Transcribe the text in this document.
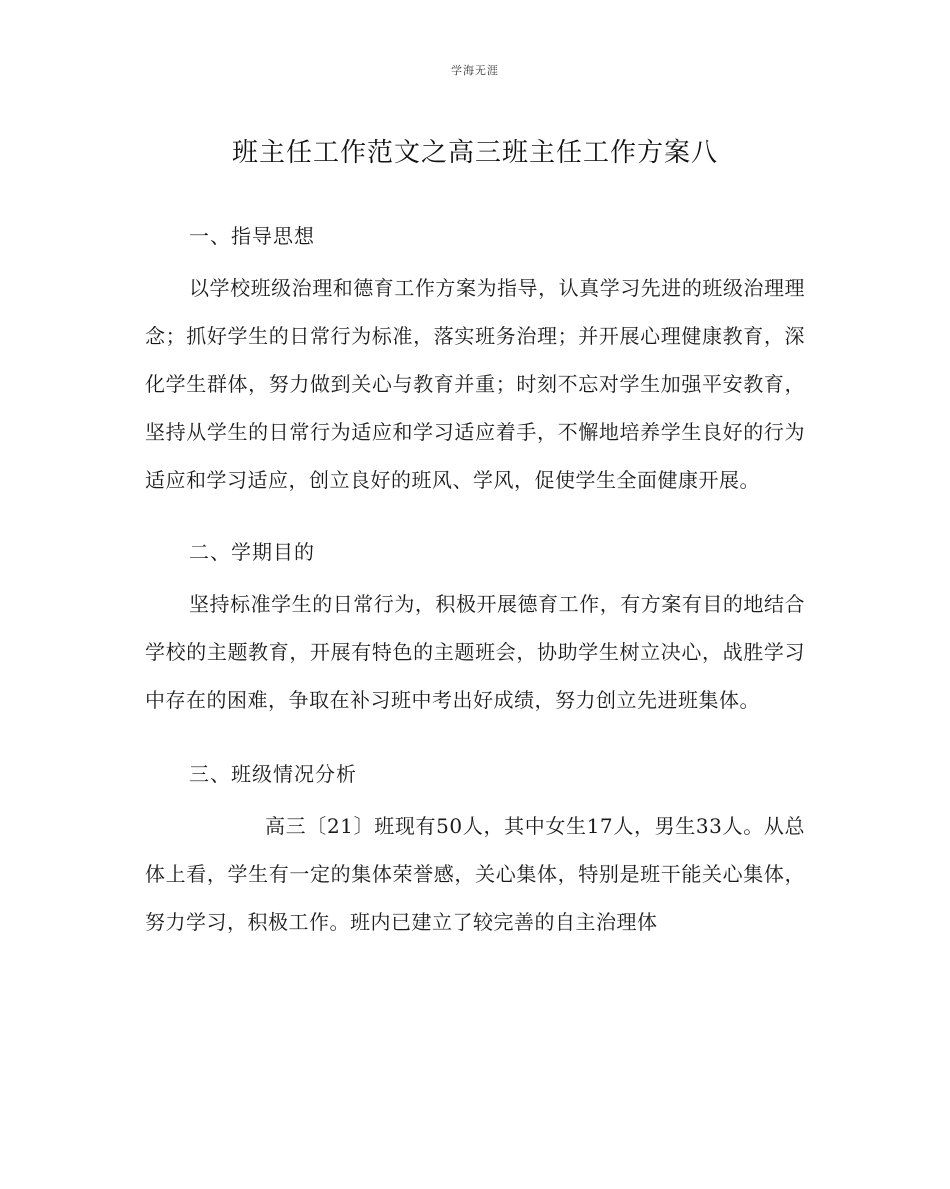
学海无涯
班主任工作范文之高三班主任工作方案八

一、指导思想

以学校班级治理和德育工作方案为指导，认真学习先进的班级治理理念；抓好学生的日常行为标准，落实班务治理；并开展心理健康教育，深化学生群体，努力做到关心与教育并重；时刻不忘对学生加强平安教育，坚持从学生的日常行为适应和学习适应着手，不懈地培养学生良好的行为适应和学习适应，创立良好的班风、学风，促使学生全面健康开展。

二、学期目的

坚持标准学生的日常行为，积极开展德育工作，有方案有目的地结合学校的主题教育，开展有特色的主题班会，协助学生树立决心，战胜学习中存在的困难，争取在补习班中考出好成绩，努力创立先进班集体。

三、班级情况分析

高三〔21〕班现有50人，其中女生17人，男生33人。从总体上看，学生有一定的集体荣誉感，关心集体，特别是班干能关心集体，努力学习，积极工作。班内已建立了较完善的自主治理体
